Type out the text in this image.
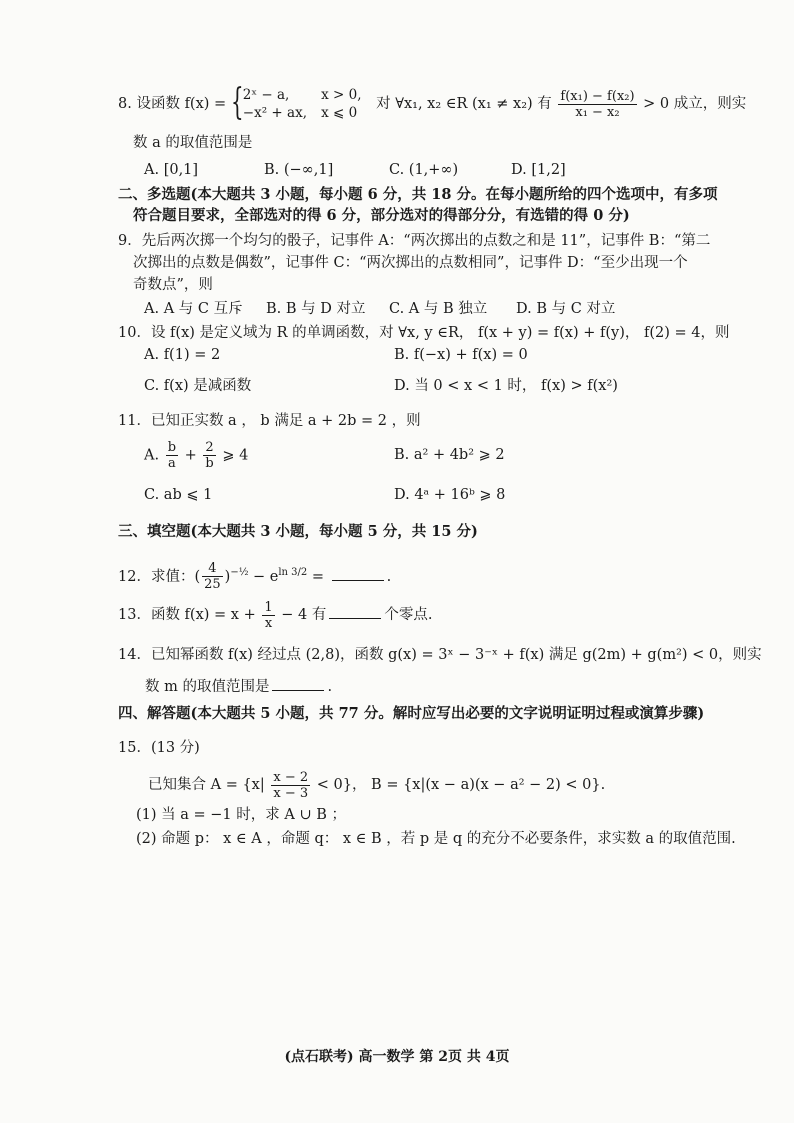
8. 设函数 f(x) = { 2ˣ − a, x > 0,
−x² + ax, x ⩽ 0
对 ∀x₁, x₂ ∈R (x₁ ≠ x₂) 有 $\frac{\text{f(x₁) − f(x₂)}}{\text{x₁ − x₂}} > 0$ 成立，则实
数 a 的取值范围是
A. [0,1]	B. (−∞,1]	C. (1,+∞)	D. [1,2]
二、多选题(本大题共 3 小题，每小题 6 分，共 18 分。在每小题所给的四个选项中，有多项
符合题目要求，全部选对的得 6 分，部分选对的得部分分，有选错的得 0 分)
9．先后两次掷一个均匀的骰子，记事件 A：“两次掷出的点数之和是 11”，记事件 B：“第二
次掷出的点数是偶数”，记事件 C：“两次掷出的点数相同”，记事件 D：“至少出现一个
奇数点”，则
A. A 与 C 互斥 B. B 与 D 对立 C. A 与 B 独立 D. B 与 C 对立
10．设 f(x) 是定义域为 R 的单调函数，对 ∀x, y ∈R， f(x + y) = f(x) + f(y)， f(2) = 4，则
A. f(1) = 2	B. f(−x) + f(x) = 0
C. f(x) 是减函数	D. 当 0 < x < 1 时， f(x) > f(x²)
11．已知正实数 a ， b 满足 a + 2b = 2 ，则
A. $\frac{b}{a} + \frac{2}{b}$ ⩾ 4	B. a² + 4b² ⩾ 2
C. ab ⩽ 1	D. 4ᵃ + 16ᵇ ⩾ 8
三、填空题(本大题共 3 小题，每小题 5 分，共 15 分)
12．求值：( $\frac{4}{25} )^{-\frac{1}{2}} - e^{ln 3/2}$ =	.
13．函数 $f(x) = x + \frac{1}{x} - 4$ 有	个零点.
14．已知幂函数 f(x) 经过点 (2,8)，函数 g(x) = 3ˣ − 3⁻ˣ + f(x) 满足 g(2m) + g(m²) < 0，则实
数 m 的取值范围是	.
四、解答题(本大题共 5 小题，共 77 分。解时应写出必要的文字说明证明过程或演算步骤)
15．(13 分)
已知集合 $A = \{x| \frac{x - 2}{x - 3} < 0\}$， B = {x|(x − a)(x − a² − 2) < 0}.
(1) 当 a = −1 时，求 A ∪ B ；
(2) 命题 p： x ∈ A ，命题 q： x ∈ B ，若 p 是 q 的充分不必要条件，求实数 a 的取值范围.
(点石联考) 高一数学 第 2页 共 4页
